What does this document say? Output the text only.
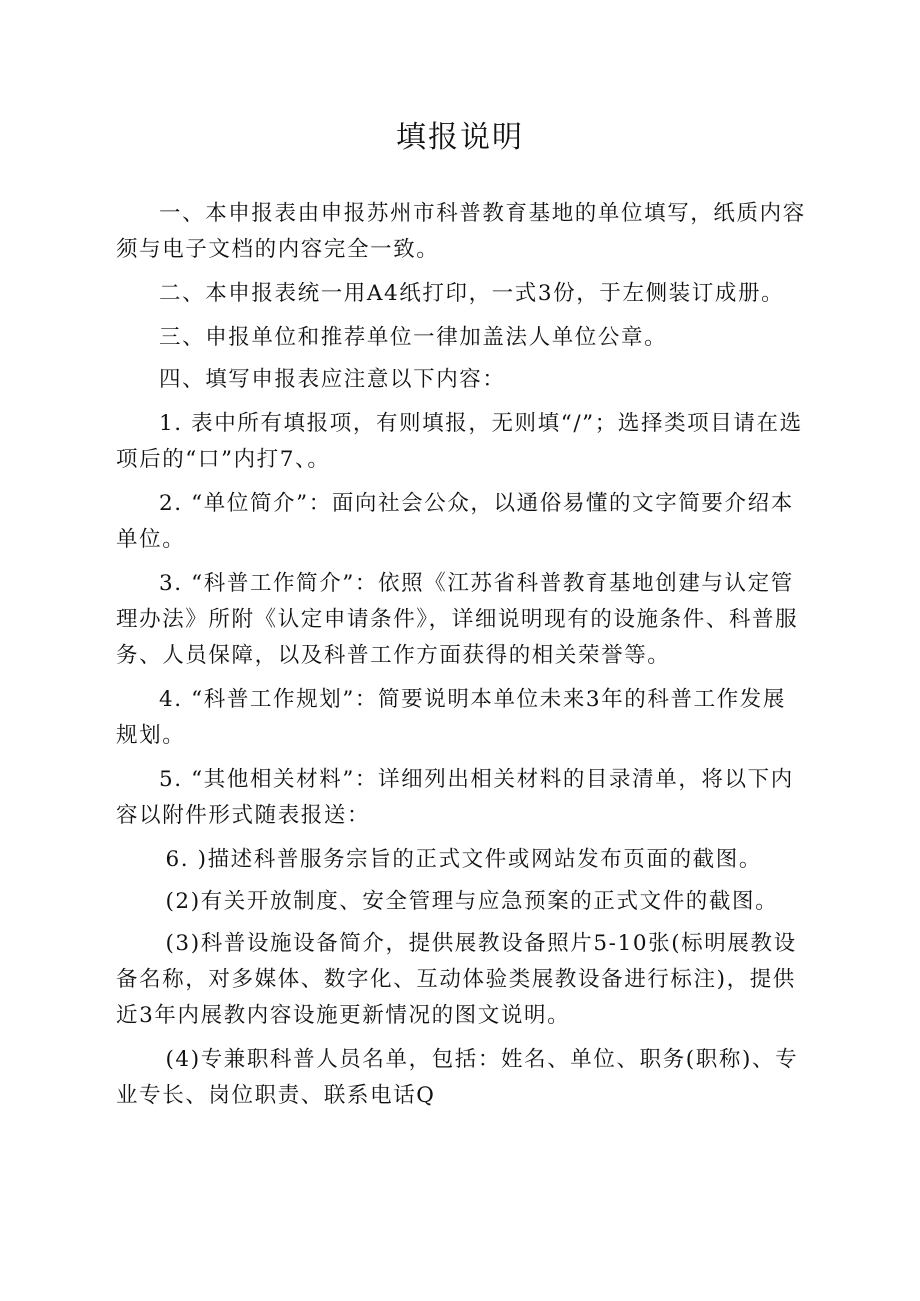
填报说明

一、本申报表由申报苏州市科普教育基地的单位填写，纸质内容须与电子文档的内容完全一致。

二、本申报表统一用A4纸打印，一式3份，于左侧装订成册。

三、申报单位和推荐单位一律加盖法人单位公章。

四、填写申报表应注意以下内容：

1. 表中所有填报项，有则填报，无则填“/”；选择类项目请在选项后的“口”内打7、。

2. “单位简介”：面向社会公众，以通俗易懂的文字简要介绍本单位。

3. “科普工作简介”：依照《江苏省科普教育基地创建与认定管理办法》所附《认定申请条件》，详细说明现有的设施条件、科普服务、人员保障，以及科普工作方面获得的相关荣誉等。

4. “科普工作规划”：简要说明本单位未来3年的科普工作发展规划。

5. “其他相关材料”：详细列出相关材料的目录清单，将以下内容以附件形式随表报送：

6. )描述科普服务宗旨的正式文件或网站发布页面的截图。

(2)有关开放制度、安全管理与应急预案的正式文件的截图。

(3)科普设施设备简介，提供展教设备照片5-10张(标明展教设备名称，对多媒体、数字化、互动体验类展教设备进行标注)，提供近3年内展教内容设施更新情况的图文说明。

(4)专兼职科普人员名单，包括：姓名、单位、职务(职称)、专业专长、岗位职责、联系电话Q
